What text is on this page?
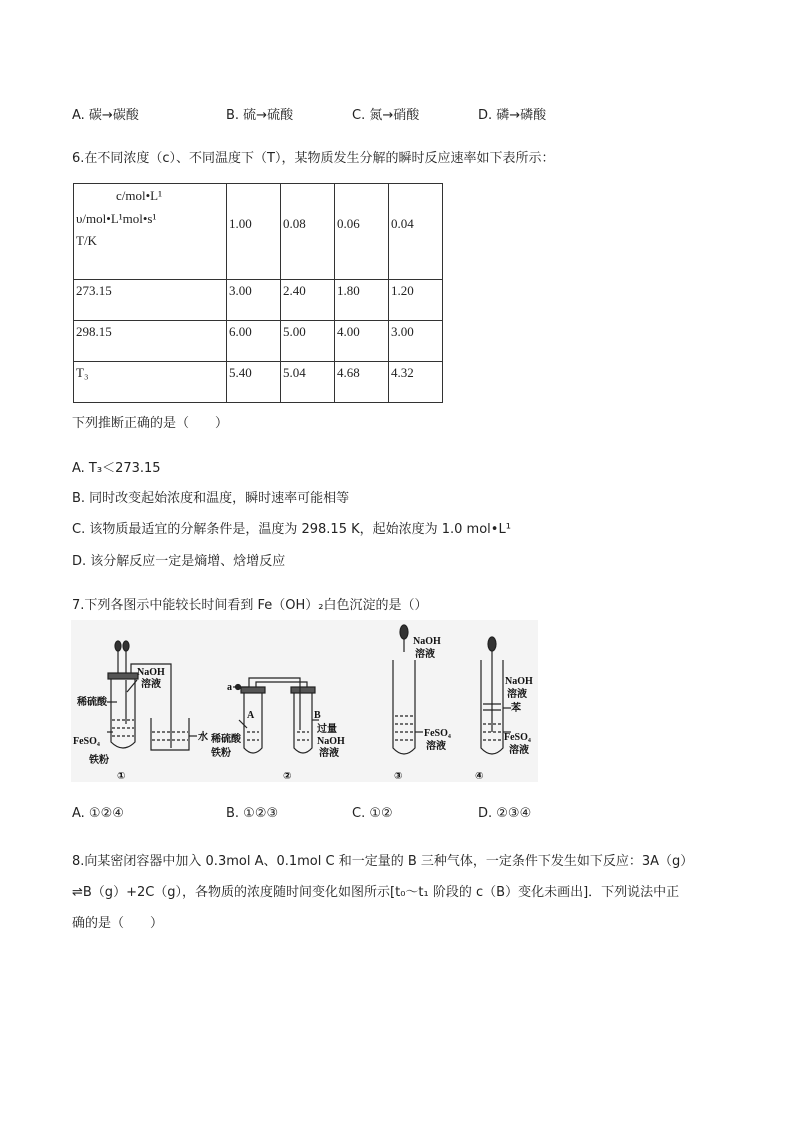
A. 碳→碳酸	B. 硫→硫酸	C. 氮→硝酸	D. 磷→磷酸
6.在不同浓度（c）、不同温度下（T），某物质发生分解的瞬时反应速率如下表所示：
c/mol•L¹
υ/mol•L¹mol•s¹
T/K	1.00	0.08	0.06	0.04
273.15	3.00	2.40	1.80	1.20
298.15	6.00	5.00	4.00	3.00
T₃	5.40	5.04	4.68	4.32
下列推断正确的是（　　）
A. T₃＜273.15
B. 同时改变起始浓度和温度，瞬时速率可能相等
C. 该物质最适宜的分解条件是，温度为 298.15 K，起始浓度为 1.0 mol•L¹
D. 该分解反应一定是熵增、焓增反应
7.下列各图示中能较长时间看到 Fe（OH）₂白色沉淀的是（）
稀硫酸
NaOH
溶液
FeSO₄
铁粉
水
①
a
A	B
稀硫酸
铁粉
过量
NaOH
溶液
②
NaOH
溶液
FeSO₄
溶液
③
NaOH
溶液
苯
FeSO₄
溶液
④
A. ①②④	B. ①②③	C. ①②	D. ②③④
8.向某密闭容器中加入 0.3mol A、0.1mol C 和一定量的 B 三种气体，一定条件下发生如下反应：3A（g）
⇌B（g）+2C（g），各物质的浓度随时间变化如图所示[t₀～t₁ 阶段的 c（B）变化未画出]．下列说法中正
确的是（　　）
